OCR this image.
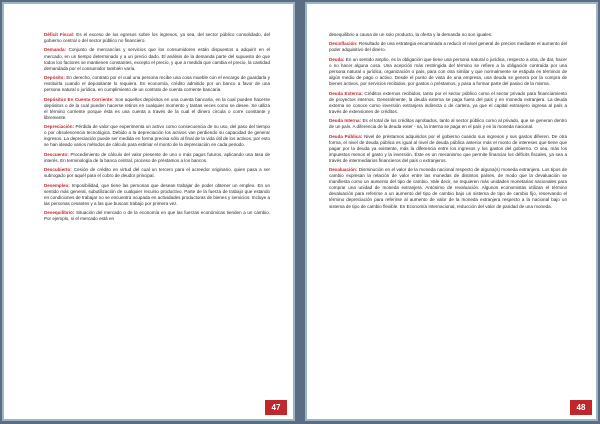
Déficit Fiscal: Es el exceso de los egresos sobre los ingresos, ya sea, del sector público consolidado, del gobierno central o del sector público no financiero.

Demanda: Conjunto de mercancías y servicios que los consumidores están dispuestos a adquirir en el mercado, en un tiempo determinado y a un precio dado. El análisis de la demanda parte del supuesto de que todos los factores se mantienen constantes, excepto el precio, y que a medida que cambia el precio, la cantidad demandada por el consumidor también varía.

Depósito: En derecho, contrato por el cual una persona recibe una cosa mueble con el encargo de guardarla y restituirla cuando el depositante lo requiera. En economía, crédito admitido por un banco a favor de una persona natural o jurídica, en cumplimiento de un contrato de cuenta corriente bancaria.

Depósitos En Cuenta Corriente: Son aquellos depósitos en una cuenta bancaria, en la cual pueden hacerse depósitos o de la cual pueden hacerse retiros en cualquier momento y tantas veces como se desee. Se utiliza el término corriente porque ésta es una cuenta a través de la cual el dinero circula o corre constante y libremente.

Depreciación: Pérdida de valor que experimenta un activo como consecuencia de su uso, del paso del tiempo o por obsolescencia tecnológica. Debido a la depreciación los activos van perdiendo su capacidad de generar ingresos. La depreciación puede ser medida en forma precisa sólo al final de la vida útil de los activos, por esto se han ideado varios métodos de cálculo para estimar el monto de la depreciación en cada periodo.

Descuento: Procedimiento de cálculo del valor presente de uno o más pagos futuros, aplicando una tasa de interés. En terminología de la banca central, proceso de préstamos a los bancos.

Descubierto: Cesión de crédito en virtud del cual un tercero para el acreedor originario, quien pasa a ser subrogado por aquél para el cobro de deudor principal.

Desempleo: Imposibilidad, que tiene las personas que desean trabajar de poder obtener un empleo. En un sentido más general, subutilización de cualquier recurso productivo. Parte de la fuerza de trabajo que estando en condiciones de trabajar no se encuentra ocupada en actividades productoras de bienes y servicios. Incluye a las personas cesantes y a las que buscan trabajo por primera vez.

Desequilibrio: Situación del mercado o de la economía en que las fuerzas económicas tienden a un cambio. Por ejemplo, si el mercado está en

47

desequilibrio a causa de un solo producto, la oferta y la demanda no son iguales.

Desinflación: Resultado de una estrategia encaminada a reducir el nivel general de precios mediante el aumento del poder adquisitivo del dinero.

Deuda: En un sentido amplio, es la obligación que tiene una persona natural o jurídica, respecto a otra, de dar, hacer o no hacer alguna cosa. Una acepción más restringida del término se refiere a la obligación contraída por una persona natural o jurídica, organización o país, para con otra similar y que normalmente se estipula en términos de algún medio de pago o activo. Desde el punto de vista de una empresa, una deuda se genera por la compra de bienes activos, por servicios recibidos, por gastos o préstamos, y pasa a formar parte del pasivo de la misma.

Deuda Externa: Créditos externos recibidos, tanto por el sector público como el sector privado para financiamiento de proyectos internos. Generalmente, la deuda externa se paga fuera del país y en moneda extranjera. La deuda externa se conoce como inversión extranjera indirecta o de cartera, ya que el capital extranjero ingresa al país a través de extensiones de créditos.

Deuda Interna: Es el total de los créditos aprobados, tanto al sector público como al privado, que se generan dentro de un país. A diferencia de la deuda exter - na, la interna se paga en el país y en la moneda nacional.

Deuda Pública: Nivel de préstamos adquiridos por el gobierno cuando sus ingresos y sus gastos difieren. De otra forma, el nivel de deuda pública es igual al nivel de deuda pública anterior más el monto de intereses que tiene que pagar por la deuda ya existente, más la diferencia entre los ingresos y los gastos del gobierno. O sea, más los impuestos menos el gasto y la inversión. Éste es un mecanismo que permite financiar los déficits fiscales, ya sea a través de intermediarios financieros del país o extranjeros.

Devaluación: Disminución en el valor de la moneda nacional respecto de alguna(s) moneda extranjera. Los tipos de cambio expresan la relación de valor entre las monedas de distintos países, de modo que la devaluación se manifiesta como un aumento del tipo de cambio. Vale decir, se requieren más unidades monetarias nacionales para comprar una unidad de moneda extranjera. Antónimo de revaluación. Algunos economistas utilizan el término devaluación para referirse a un aumento del tipo de cambio bajo un sistema de tipo de cambio fijo, reservando el término depreciación para referirse al aumento de valor de la moneda extranjera respecto a la nacional bajo un sistema de tipo de cambio flexible. En Economía Internacional, reducción del valor de paridad de una moneda.

48
